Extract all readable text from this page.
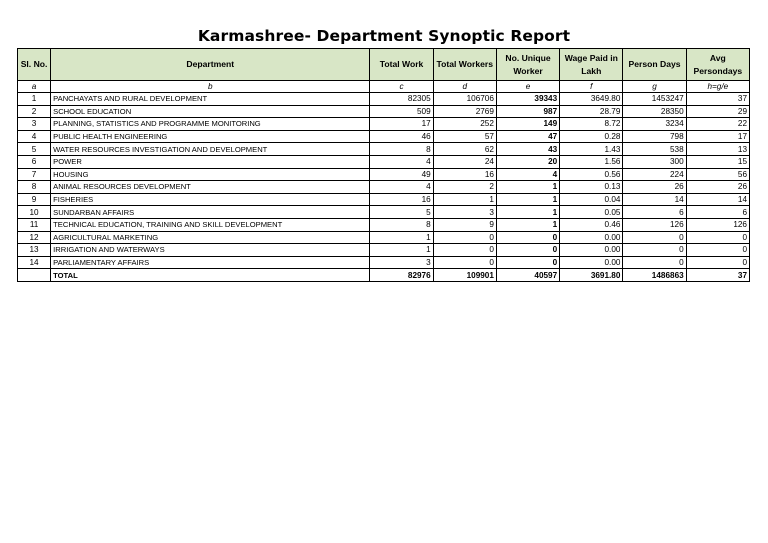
Karmashree- Department Synoptic Report
Sl. No.	Department	Total Work	Total Workers	No. Unique Worker	Wage Paid in Lakh	Person Days	Avg Persondays
a	b	c	d	e	f	g	h=g/e
1	PANCHAYATS AND RURAL DEVELOPMENT	82305	106706	39343	3649.80	1453247	37
2	SCHOOL EDUCATION	509	2769	987	28.79	28350	29
3	PLANNING, STATISTICS AND PROGRAMME MONITORING	17	252	149	8.72	3234	22
4	PUBLIC HEALTH ENGINEERING	46	57	47	0.28	798	17
5	WATER RESOURCES INVESTIGATION AND DEVELOPMENT	8	62	43	1.43	538	13
6	POWER	4	24	20	1.56	300	15
7	HOUSING	49	16	4	0.56	224	56
8	ANIMAL RESOURCES DEVELOPMENT	4	2	1	0.13	26	26
9	FISHERIES	16	1	1	0.04	14	14
10	SUNDARBAN AFFAIRS	5	3	1	0.05	6	6
11	TECHNICAL EDUCATION, TRAINING AND SKILL DEVELOPMENT	8	9	1	0.46	126	126
12	AGRICULTURAL MARKETING	1	0	0	0.00	0	0
13	IRRIGATION AND WATERWAYS	1	0	0	0.00	0	0
14	PARLIAMENTARY AFFAIRS	3	0	0	0.00	0	0
	TOTAL	82976	109901	40597	3691.80	1486863	37
